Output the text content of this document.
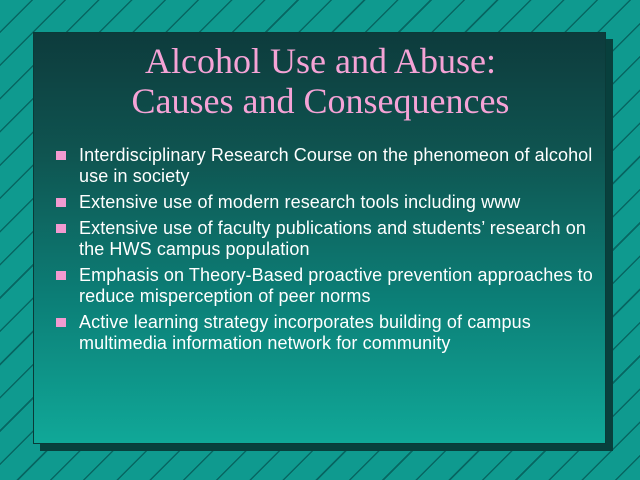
Alcohol Use and Abuse:
Causes and Consequences
Interdisciplinary Research Course on the phenomeon of alcohol use in society
Extensive use of modern research tools including www
Extensive use of faculty publications and students’ research on the HWS campus population
Emphasis on Theory-Based proactive prevention approaches to reduce misperception of peer norms
Active learning strategy incorporates building of campus multimedia information network for community
